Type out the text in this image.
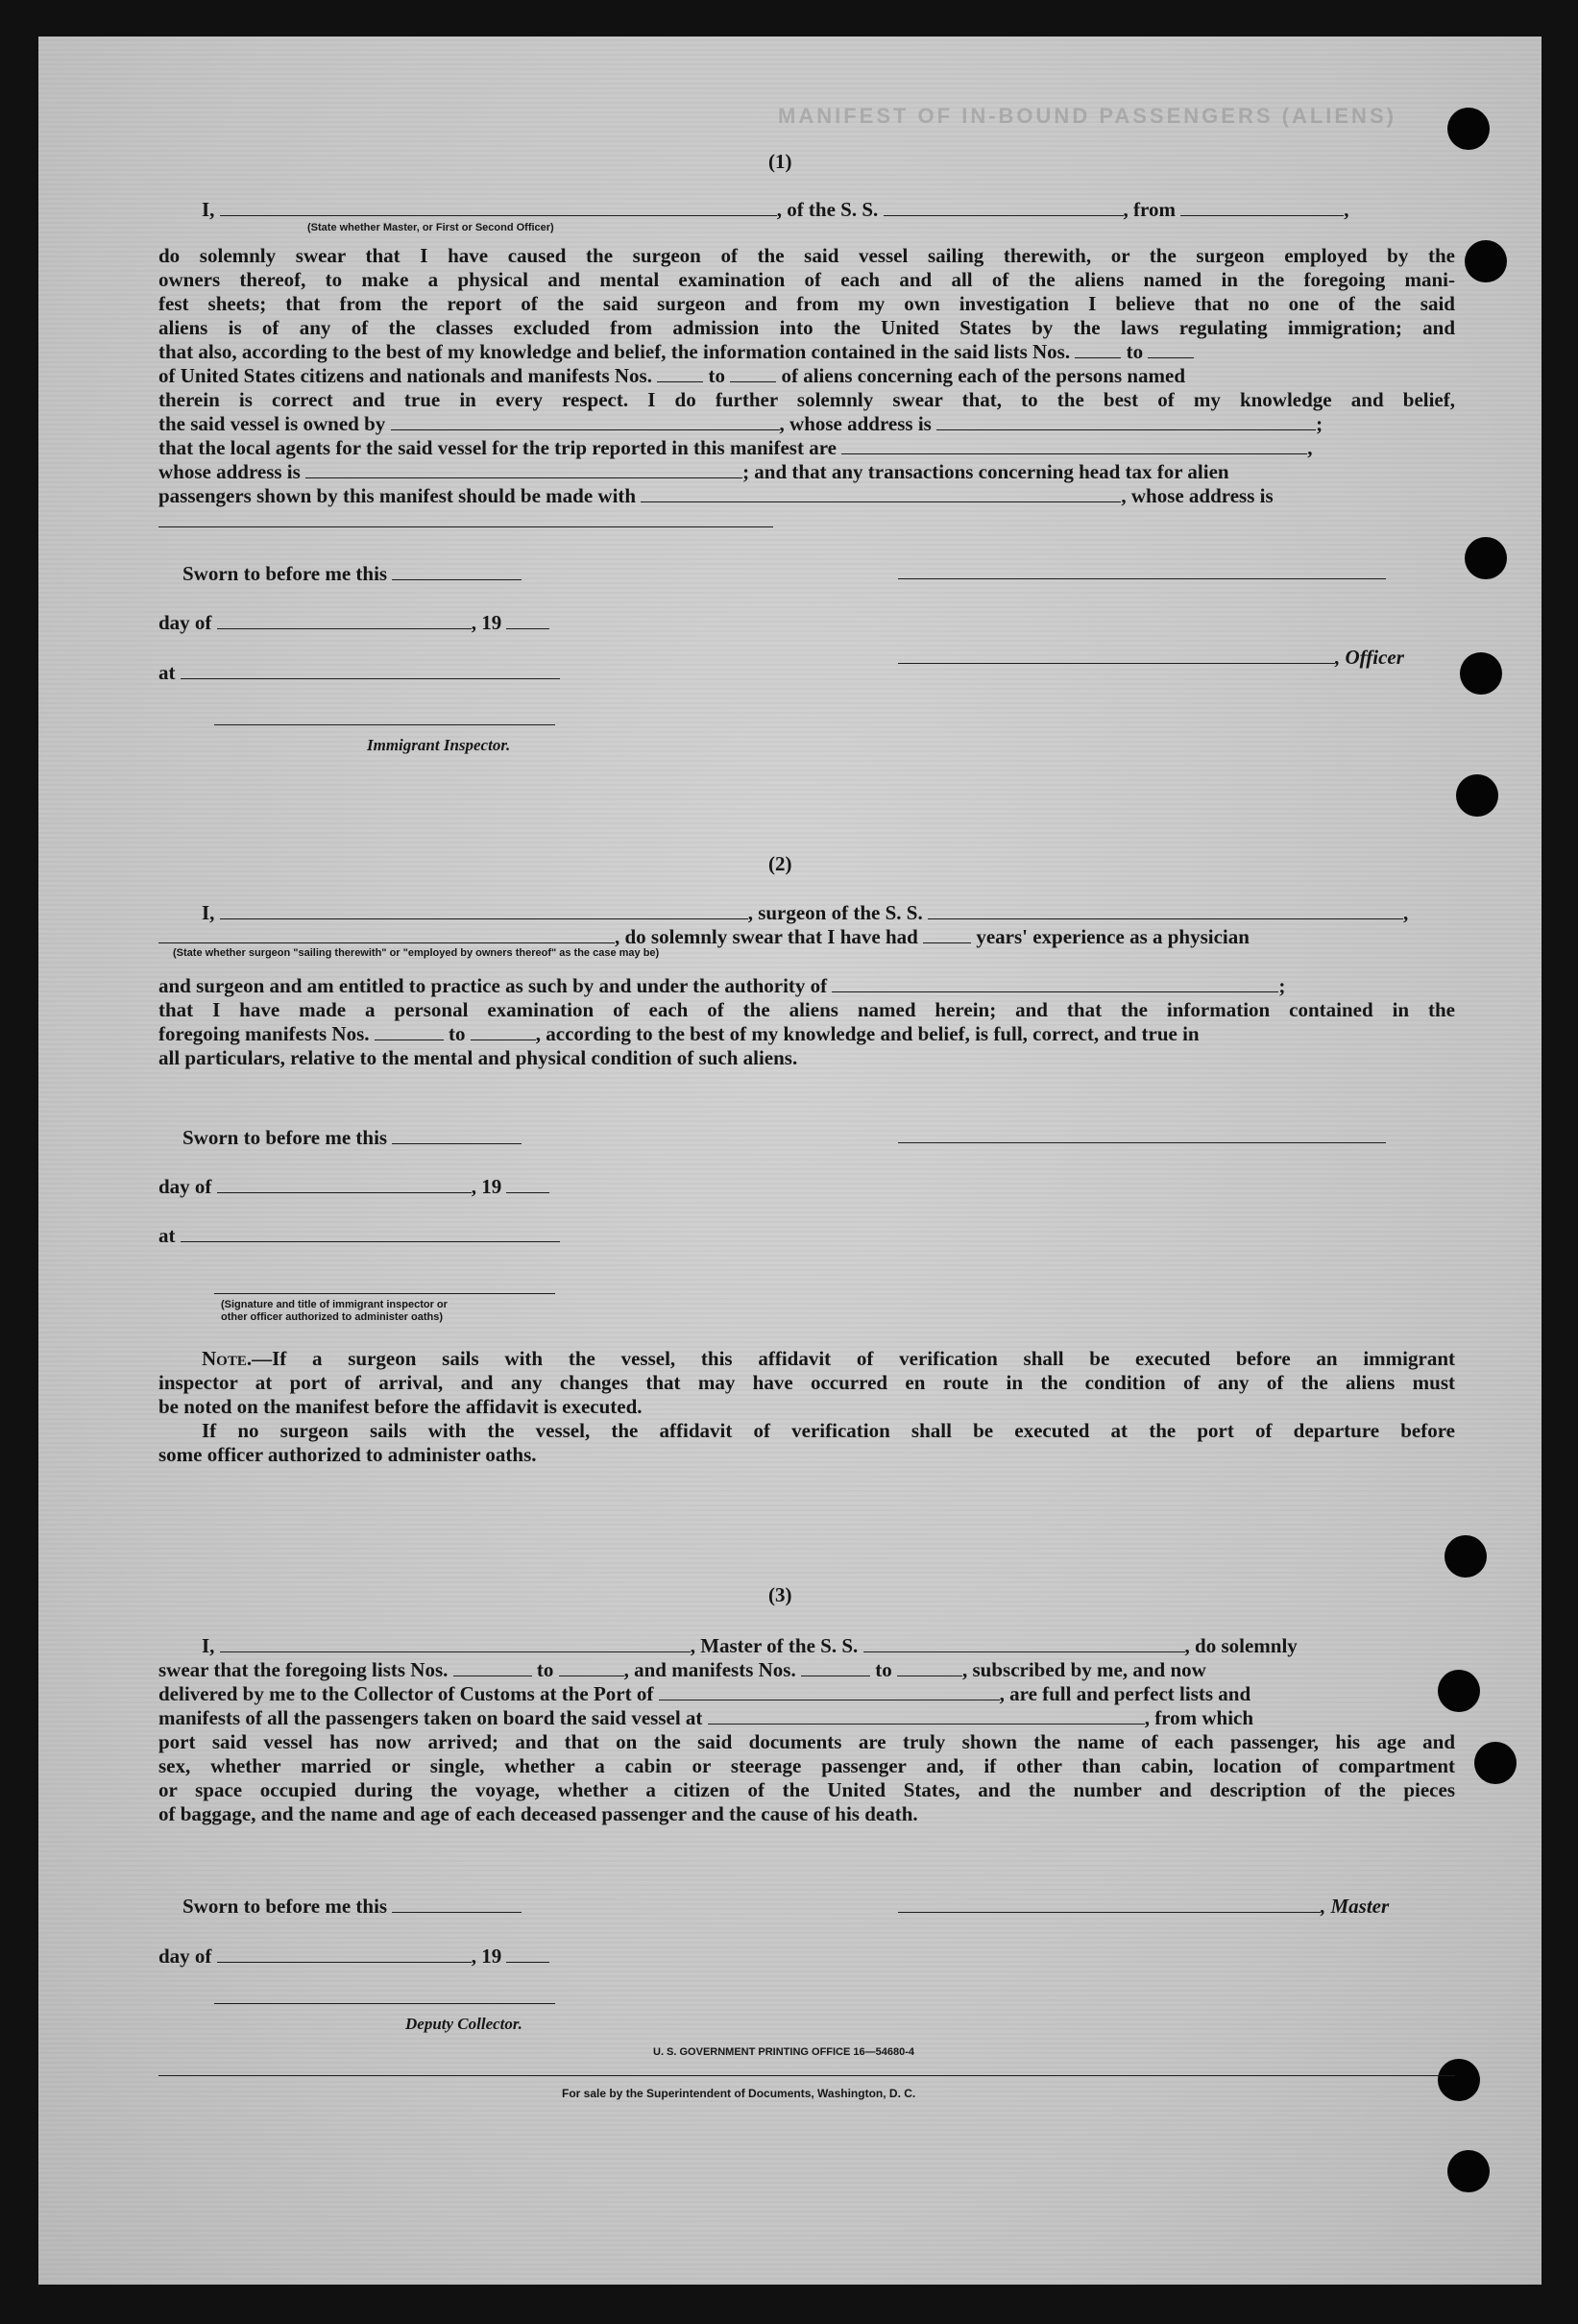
MANIFEST OF IN-BOUND PASSENGERS (ALIENS)
(1)
I,	, of the S. S.	, from	,
(State whether Master, or First or Second Officer)
do solemnly swear that I have caused the surgeon of the said vessel sailing therewith, or the surgeon employed by the
owners thereof, to make a physical and mental examination of each and all of the aliens named in the foregoing mani-
fest sheets; that from the report of the said surgeon and from my own investigation I believe that no one of the said
aliens is of any of the classes excluded from admission into the United States by the laws regulating immigration; and
that also, according to the best of my knowledge and belief, the information contained in the said lists Nos.	to
of United States citizens and nationals and manifests Nos.	to	of aliens concerning each of the persons named
therein is correct and true in every respect. I do further solemnly swear that, to the best of my knowledge and belief,
the said vessel is owned by	, whose address is	;
that the local agents for the said vessel for the trip reported in this manifest are	,
whose address is	; and that any transactions concerning head tax for alien
passengers shown by this manifest should be made with	, whose address is
Sworn to before me this
day of	, 19
, Officer
at
Immigrant Inspector.
(2)
I,	, surgeon of the S. S.	,
, do solemnly swear that I have had	years' experience as a physician
(State whether surgeon "sailing therewith" or "employed by owners thereof" as the case may be)
and surgeon and am entitled to practice as such by and under the authority of	;
that I have made a personal examination of each of the aliens named herein; and that the information contained in the
foregoing manifests Nos.	to	, according to the best of my knowledge and belief, is full, correct, and true in
all particulars, relative to the mental and physical condition of such aliens.
Sworn to before me this
day of	, 19
at
(Signature and title of immigrant inspector or
other officer authorized to administer oaths)
Note.—If a surgeon sails with the vessel, this affidavit of verification shall be executed before an immigrant
inspector at port of arrival, and any changes that may have occurred en route in the condition of any of the aliens must
be noted on the manifest before the affidavit is executed.
If no surgeon sails with the vessel, the affidavit of verification shall be executed at the port of departure before
some officer authorized to administer oaths.
(3)
I,	, Master of the S. S.	, do solemnly
swear that the foregoing lists Nos.	to	, and manifests Nos.	to	, subscribed by me, and now
delivered by me to the Collector of Customs at the Port of	, are full and perfect lists and
manifests of all the passengers taken on board the said vessel at	, from which
port said vessel has now arrived; and that on the said documents are truly shown the name of each passenger, his age and
sex, whether married or single, whether a cabin or steerage passenger and, if other than cabin, location of compartment
or space occupied during the voyage, whether a citizen of the United States, and the number and description of the pieces
of baggage, and the name and age of each deceased passenger and the cause of his death.
Sworn to before me this	, Master
day of	, 19
Deputy Collector.
U. S. GOVERNMENT PRINTING OFFICE 16—54680-4
For sale by the Superintendent of Documents, Washington, D. C.
